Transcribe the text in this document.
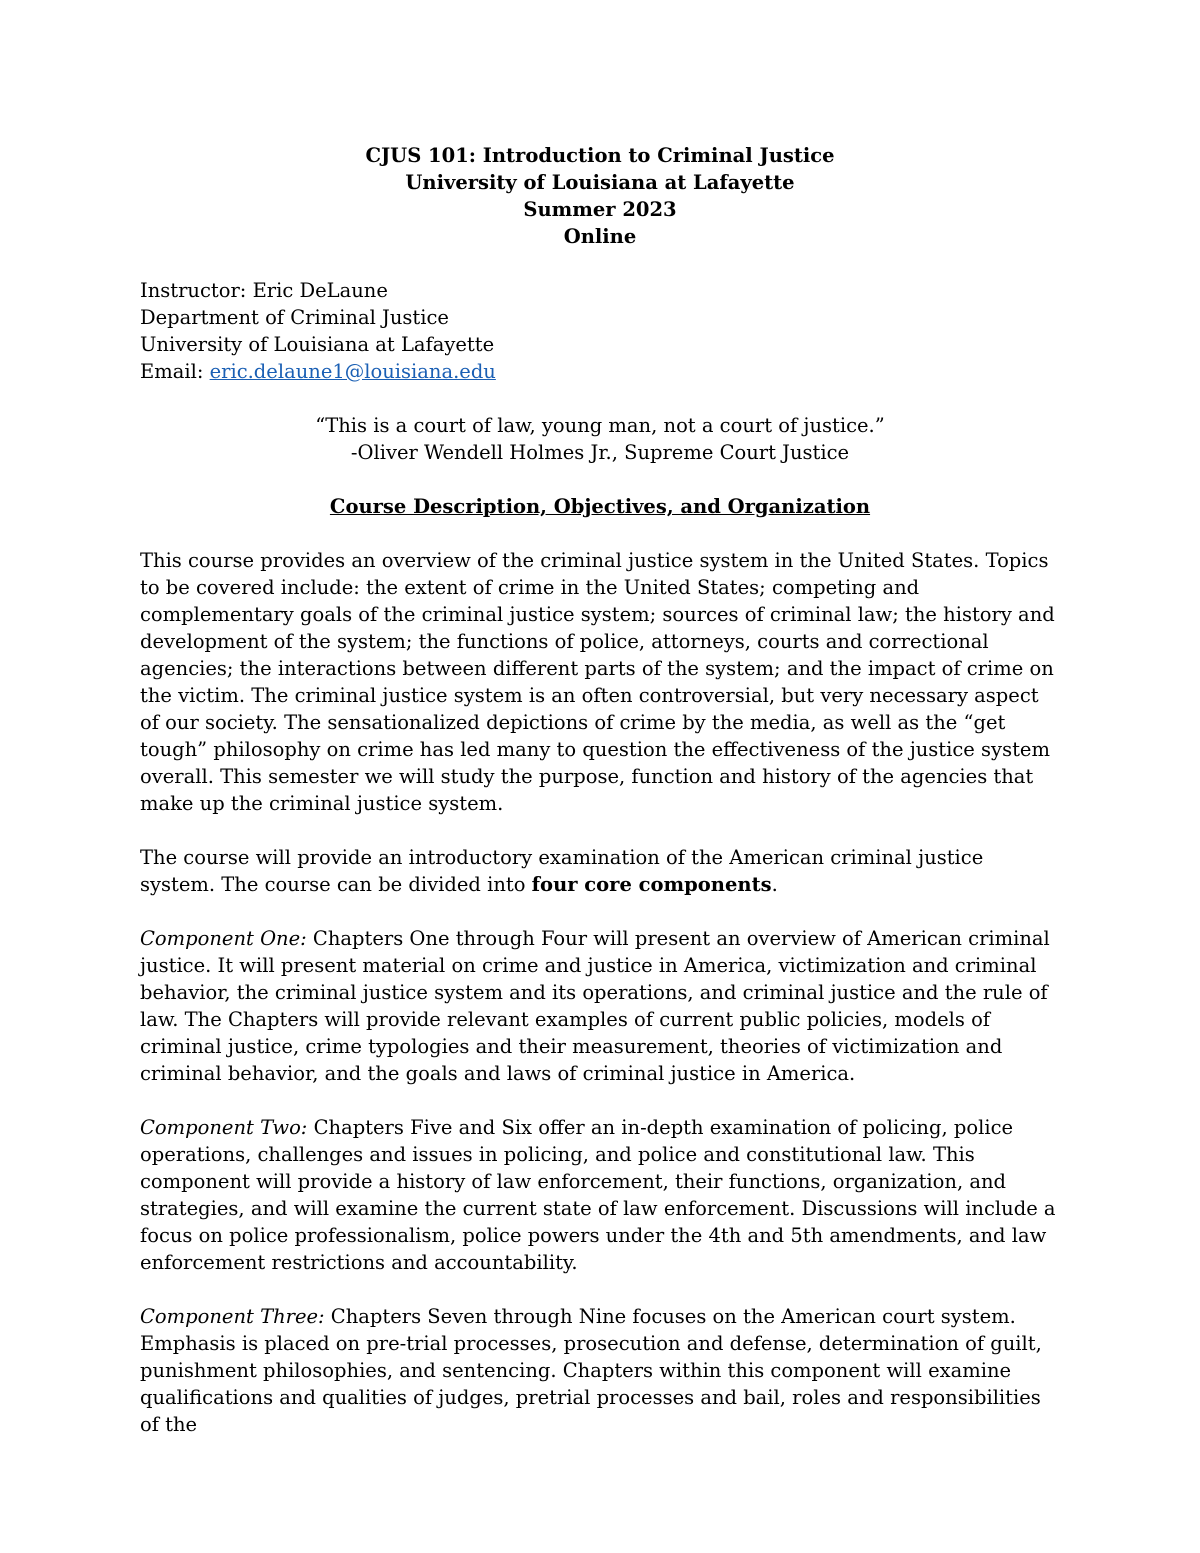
CJUS 101: Introduction to Criminal Justice
University of Louisiana at Lafayette
Summer 2023
Online
Instructor: Eric DeLaune
Department of Criminal Justice
University of Louisiana at Lafayette
Email: eric.delaune1@louisiana.edu
“This is a court of law, young man, not a court of justice.”
-Oliver Wendell Holmes Jr., Supreme Court Justice
Course Description, Objectives, and Organization

This course provides an overview of the criminal justice system in the United States. Topics to be covered include: the extent of crime in the United States; competing and complementary goals of the criminal justice system; sources of criminal law; the history and development of the system; the functions of police, attorneys, courts and correctional agencies; the interactions between different parts of the system; and the impact of crime on the victim. The criminal justice system is an often controversial, but very necessary aspect of our society. The sensationalized depictions of crime by the media, as well as the “get tough” philosophy on crime has led many to question the effectiveness of the justice system overall. This semester we will study the purpose, function and history of the agencies that make up the criminal justice system.

The course will provide an introductory examination of the American criminal justice system. The course can be divided into four core components.

Component One: Chapters One through Four will present an overview of American criminal justice. It will present material on crime and justice in America, victimization and criminal behavior, the criminal justice system and its operations, and criminal justice and the rule of law. The Chapters will provide relevant examples of current public policies, models of criminal justice, crime typologies and their measurement, theories of victimization and criminal behavior, and the goals and laws of criminal justice in America.

Component Two: Chapters Five and Six offer an in-depth examination of policing, police operations, challenges and issues in policing, and police and constitutional law. This component will provide a history of law enforcement, their functions, organization, and strategies, and will examine the current state of law enforcement. Discussions will include a focus on police professionalism, police powers under the 4th and 5th amendments, and law enforcement restrictions and accountability.

Component Three: Chapters Seven through Nine focuses on the American court system. Emphasis is placed on pre-trial processes, prosecution and defense, determination of guilt, punishment philosophies, and sentencing. Chapters within this component will examine qualifications and qualities of judges, pretrial processes and bail, roles and responsibilities of the
